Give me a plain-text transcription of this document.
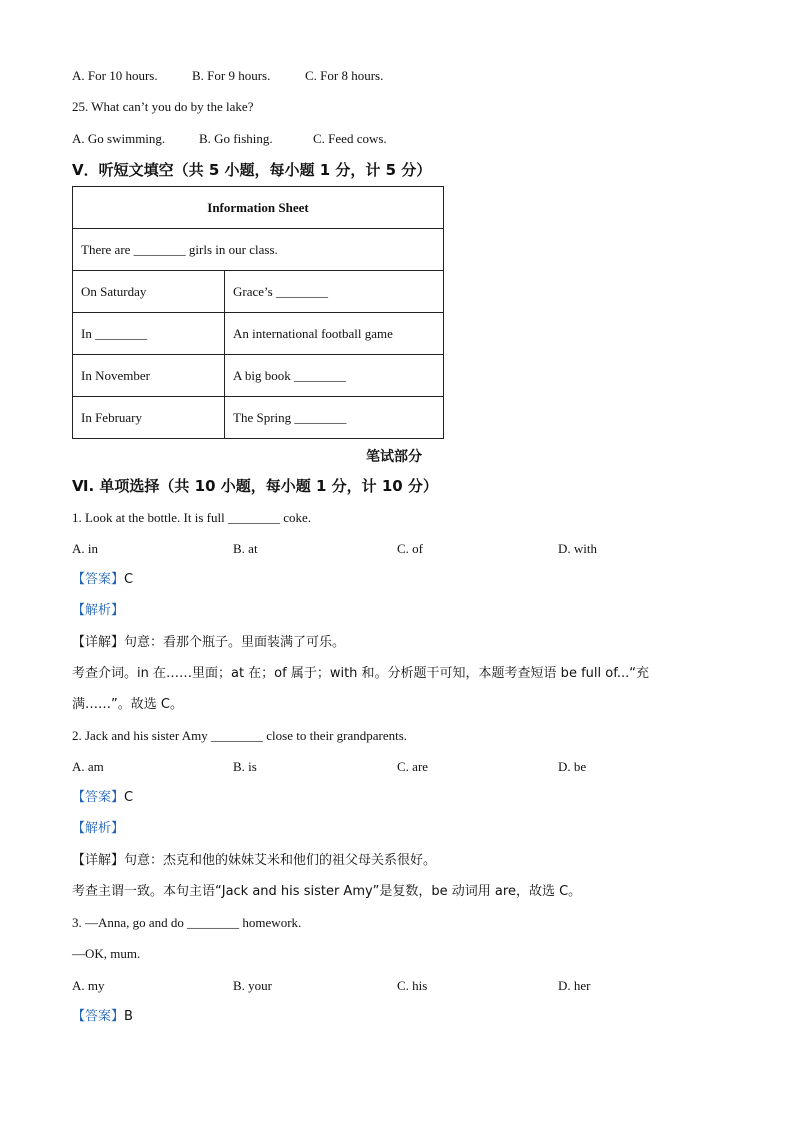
A. For 10 hours.	B. For 9 hours.	C. For 8 hours.
25. What can’t you do by the lake?
A. Go swimming.	B. Go fishing.	C. Feed cows.
V．听短文填空（共 5 小题，每小题 1 分，计 5 分）
Information Sheet	
There are ________ girls in our class.	
On Saturday	Grace’s ________
In ________	An international football game
In November	A big book ________
In February	The Spring ________
笔试部分
Ⅵ. 单项选择（共 10 小题，每小题 1 分，计 10 分）
1. Look at the bottle. It is full ________ coke.
A. in	B. at	C. of	D. with
【答案】C
【解析】
【详解】句意：看那个瓶子。里面装满了可乐。
考查介词。in 在……里面；at 在；of 属于；with 和。分析题干可知，本题考查短语 be full of...“充
满……”。故选 C。
2. Jack and his sister Amy ________ close to their grandparents.
A. am	B. is	C. are	D. be
【答案】C
【解析】
【详解】句意：杰克和他的妹妹艾米和他们的祖父母关系很好。
考查主谓一致。本句主语“Jack and his sister Amy”是复数，be 动词用 are，故选 C。
3. —Anna, go and do ________ homework.
—OK, mum.
A. my	B. your	C. his	D. her
【答案】B
